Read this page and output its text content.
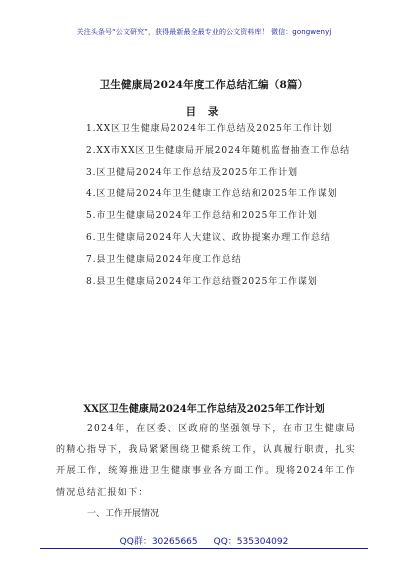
关注头条号“公文研究”，获得最新最全最专业的公文资料库！ 微信：gongwenyj
卫生健康局2024年度工作总结汇编（8篇）
目 录
1.XX区卫生健康局2024年工作总结及2025年工作计划
2.XX市XX区卫生健康局开展2024年随机监督抽查工作总结
3.区卫健局2024年工作总结及2025年工作计划
4.区卫健局2024年卫生健康工作总结和2025年工作谋划
5.市卫生健康局2024年工作总结和2025年工作计划
6.卫生健康局2024年人大建议、政协提案办理工作总结
7.县卫生健康局2024年度工作总结
8.县卫生健康局2024年工作总结暨2025年工作谋划
XX区卫生健康局2024年工作总结及2025年工作计划
2024年，在区委、区政府的坚强领导下，在市卫生健康局的精心指导下，我局紧紧围绕卫健系统工作，认真履行职责，扎实开展工作，统筹推进卫生健康事业各方面工作。现将2024年工作情况总结汇报如下：
一、工作开展情况
QQ群：30265665 QQ：535304092
